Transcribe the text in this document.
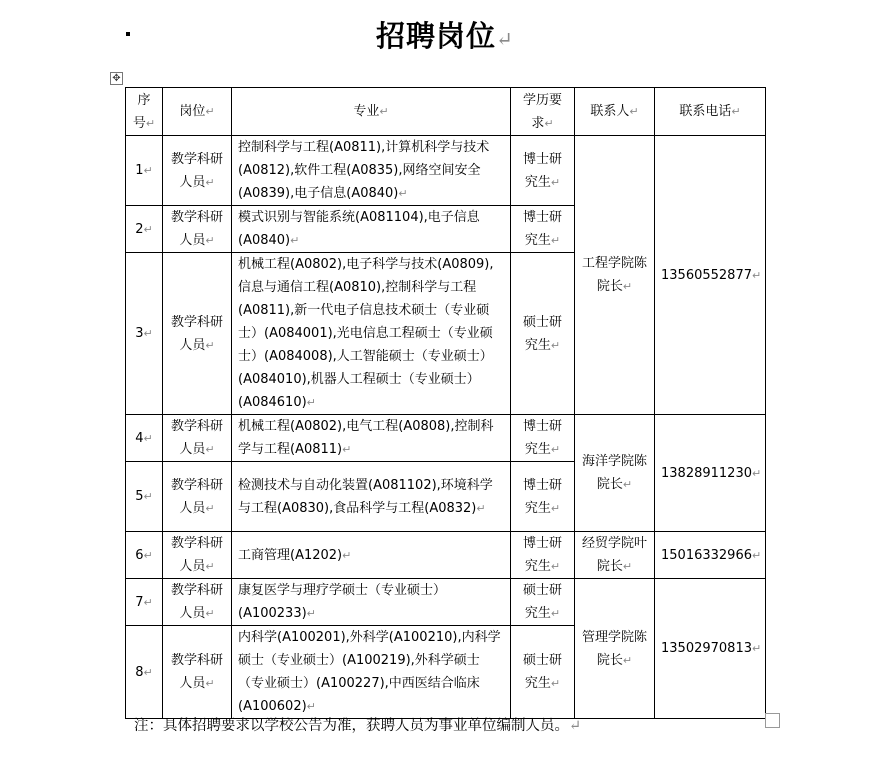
招聘岗位↵
✥
序号↵	岗位↵	专业↵	学历要求↵	联系人↵	联系电话↵
1↵	教学科研人员↵	控制科学与工程(A0811),计算机科学与技术(A0812),软件工程(A0835),网络空间安全(A0839),电子信息(A0840)↵	博士研究生↵	工程学院陈院长↵	13560552877↵
2↵	教学科研人员↵	模式识别与智能系统(A081104),电子信息(A0840)↵	博士研究生↵		
3↵	教学科研人员↵	机械工程(A0802),电子科学与技术(A0809),信息与通信工程(A0810),控制科学与工程(A0811),新一代电子信息技术硕士（专业硕士）(A084001),光电信息工程硕士（专业硕士）(A084008),人工智能硕士（专业硕士）(A084010),机器人工程硕士（专业硕士）(A084610)↵	硕士研究生↵		
4↵	教学科研人员↵	机械工程(A0802),电气工程(A0808),控制科学与工程(A0811)↵	博士研究生↵	海洋学院陈院长↵	13828911230↵
5↵	教学科研人员↵	检测技术与自动化装置(A081102),环境科学与工程(A0830),食品科学与工程(A0832)↵	博士研究生↵		
6↵	教学科研人员↵	工商管理(A1202)↵	博士研究生↵	经贸学院叶院长↵	15016332966↵
7↵	教学科研人员↵	康复医学与理疗学硕士（专业硕士）(A100233)↵	硕士研究生↵	管理学院陈院长↵	13502970813↵
8↵	教学科研人员↵	内科学(A100201),外科学(A100210),内科学硕士（专业硕士）(A100219),外科学硕士（专业硕士）(A100227),中西医结合临床(A100602)↵	硕士研究生↵		
注：具体招聘要求以学校公告为准，获聘人员为事业单位编制人员。↵
